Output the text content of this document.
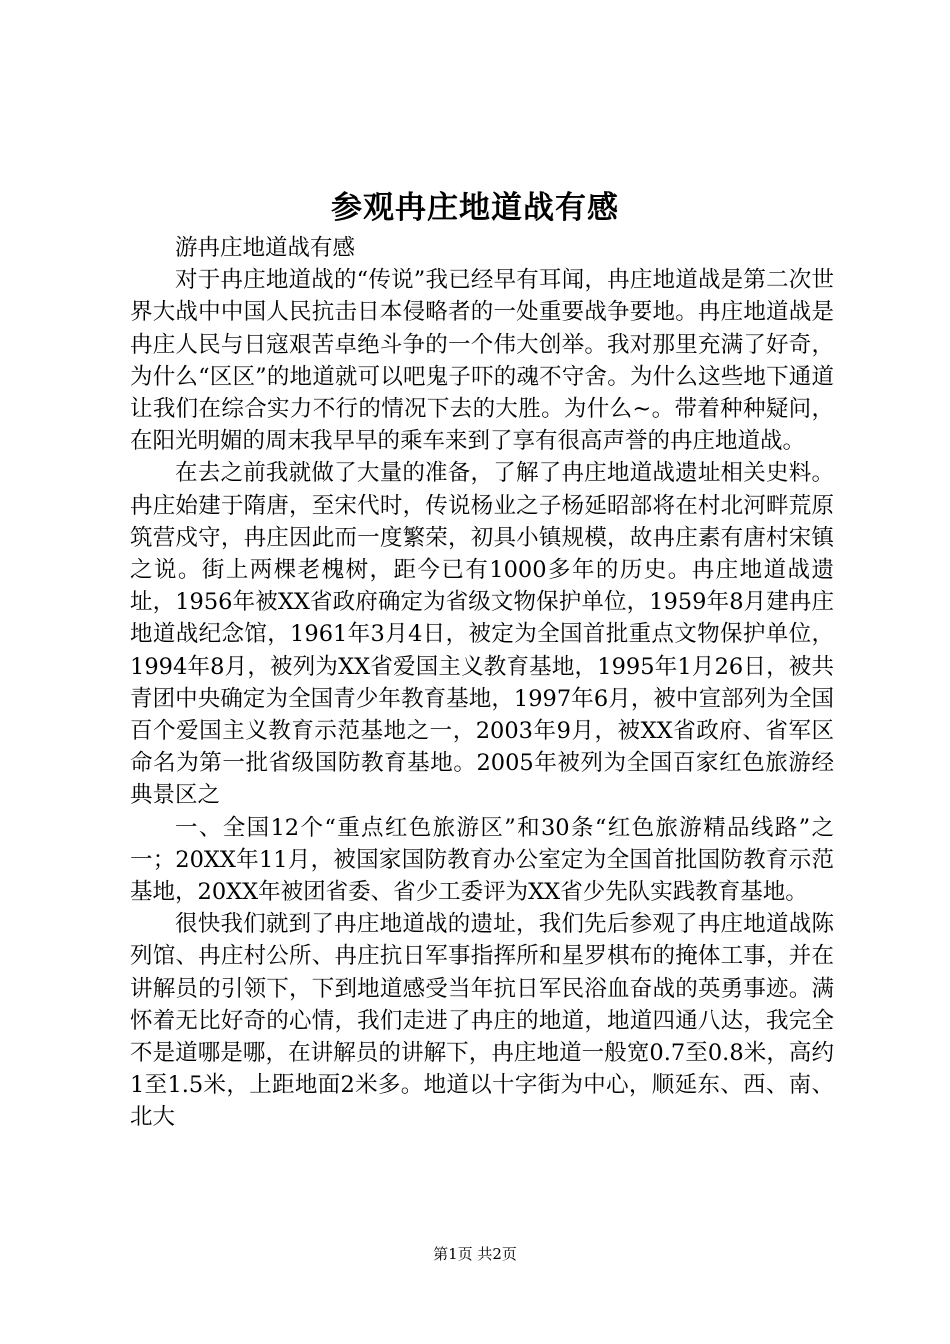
参观冉庄地道战有感

游冉庄地道战有感

对于冉庄地道战的“传说”我已经早有耳闻，冉庄地道战是第二次世界大战中中国人民抗击日本侵略者的一处重要战争要地。冉庄地道战是冉庄人民与日寇艰苦卓绝斗争的一个伟大创举。我对那里充满了好奇，为什么“区区”的地道就可以吧鬼子吓的魂不守舍。为什么这些地下通道让我们在综合实力不行的情况下去的大胜。为什么~。带着种种疑问，在阳光明媚的周末我早早的乘车来到了享有很高声誉的冉庄地道战。

在去之前我就做了大量的准备，了解了冉庄地道战遗址相关史料。冉庄始建于隋唐，至宋代时，传说杨业之子杨延昭部将在村北河畔荒原筑营戍守，冉庄因此而一度繁荣，初具小镇规模，故冉庄素有唐村宋镇之说。街上两棵老槐树，距今已有1000多年的历史。冉庄地道战遗址，1956年被XX省政府确定为省级文物保护单位，1959年8月建冉庄地道战纪念馆，1961年3月4日，被定为全国首批重点文物保护单位，1994年8月，被列为XX省爱国主义教育基地，1995年1月26日，被共青团中央确定为全国青少年教育基地，1997年6月，被中宣部列为全国百个爱国主义教育示范基地之一，2003年9月，被XX省政府、省军区命名为第一批省级国防教育基地。2005年被列为全国百家红色旅游经典景区之

一、全国12个“重点红色旅游区”和30条“红色旅游精品线路”之一；20XX年11月，被国家国防教育办公室定为全国首批国防教育示范基地，20XX年被团省委、省少工委评为XX省少先队实践教育基地。

很快我们就到了冉庄地道战的遗址，我们先后参观了冉庄地道战陈列馆、冉庄村公所、冉庄抗日军事指挥所和星罗棋布的掩体工事，并在讲解员的引领下，下到地道感受当年抗日军民浴血奋战的英勇事迹。满怀着无比好奇的心情，我们走进了冉庄的地道，地道四通八达，我完全不是道哪是哪，在讲解员的讲解下，冉庄地道一般宽0.7至0.8米，高约1至1.5米，上距地面2米多。地道以十字街为中心，顺延东、西、南、北大

第1页 共2页
